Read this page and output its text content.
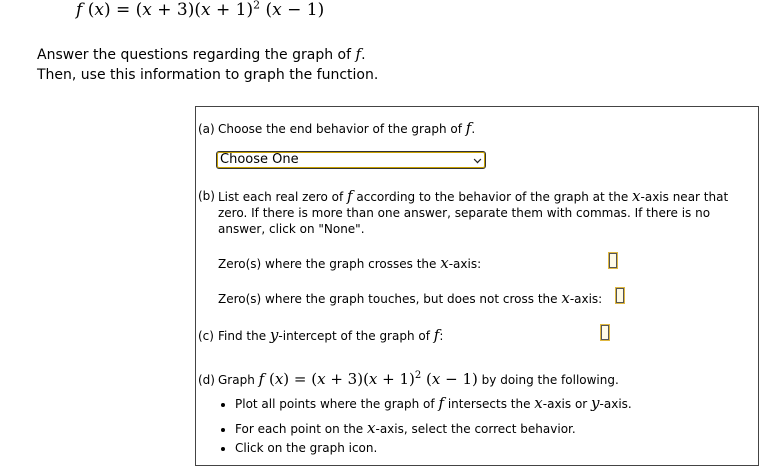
f $(x) = (x + 3)(x + 1)^2$ (x − 1)
Answer the questions regarding the graph of f.
Then, use this information to graph the function.
(a) Choose the end behavior of the graph of f.
Choose One
(b) List each real zero of f according to the behavior of the graph at the x-axis near that zero. If there is more than one answer, separate them with commas. If there is no answer, click on "None".
Zero(s) where the graph crosses the x-axis:
Zero(s) where the graph touches, but does not cross the x-axis:
(c) Find the y-intercept of the graph of f:
(d) Graph f $(x) = (x + 3)(x + 1)^2$ (x − 1) by doing the following.
• Plot all points where the graph of f intersects the x-axis or y-axis.
• For each point on the x-axis, select the correct behavior.
• Click on the graph icon.
